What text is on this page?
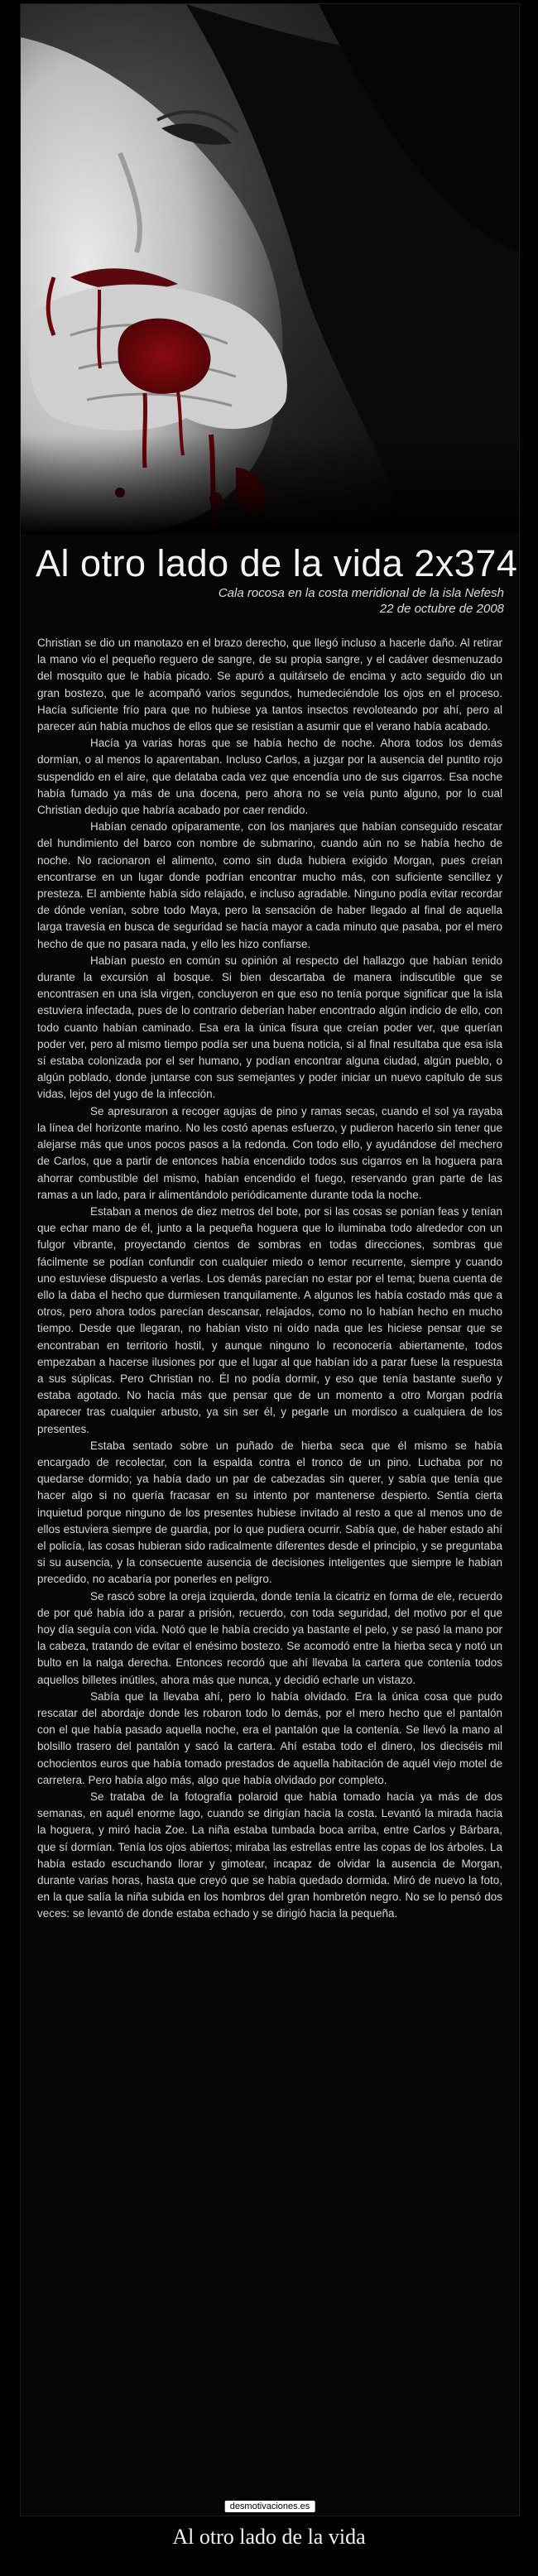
Al otro lado de la vida 2x374
Cala rocosa en la costa meridional de la isla Nefesh
22 de octubre de 2008

Christian se dio un manotazo en el brazo derecho, que llegó incluso a hacerle daño. Al retirar la mano vio el pequeño reguero de sangre, de su propia sangre, y el cadáver desmenuzado del mosquito que le había picado. Se apuró a quitárselo de encima y acto seguido dio un gran bostezo, que le acompañó varios segundos, humedeciéndole los ojos en el proceso. Hacía suficiente frío para que no hubiese ya tantos insectos revoloteando por ahí, pero al parecer aún había muchos de ellos que se resistían a asumir que el verano había acabado.

Hacía ya varias horas que se había hecho de noche. Ahora todos los demás dormían, o al menos lo aparentaban. Incluso Carlos, a juzgar por la ausencia del puntito rojo suspendido en el aire, que delataba cada vez que encendía uno de sus cigarros. Esa noche había fumado ya más de una docena, pero ahora no se veía punto alguno, por lo cual Christian dedujo que habría acabado por caer rendido.

Habían cenado opíparamente, con los manjares que habían conseguido rescatar del hundimiento del barco con nombre de submarino, cuando aún no se había hecho de noche. No racionaron el alimento, como sin duda hubiera exigido Morgan, pues creían encontrarse en un lugar donde podrían encontrar mucho más, con suficiente sencillez y presteza. El ambiente había sido relajado, e incluso agradable. Ninguno podía evitar recordar de dónde venían, sobre todo Maya, pero la sensación de haber llegado al final de aquella larga travesía en busca de seguridad se hacía mayor a cada minuto que pasaba, por el mero hecho de que no pasara nada, y ello les hizo confiarse.

Habían puesto en común su opinión al respecto del hallazgo que habían tenido durante la excursión al bosque. Si bien descartaba de manera indiscutible que se encontrasen en una isla virgen, concluyeron en que eso no tenía porque significar que la isla estuviera infectada, pues de lo contrario deberían haber encontrado algún indicio de ello, con todo cuanto habían caminado. Esa era la única fisura que creían poder ver, que querían poder ver, pero al mismo tiempo podía ser una buena noticia, si al final resultaba que esa isla sí estaba colonizada por el ser humano, y podían encontrar alguna ciudad, algún pueblo, o algún poblado, donde juntarse con sus semejantes y poder iniciar un nuevo capítulo de sus vidas, lejos del yugo de la infección.

Se apresuraron a recoger agujas de pino y ramas secas, cuando el sol ya rayaba la línea del horizonte marino. No les costó apenas esfuerzo, y pudieron hacerlo sin tener que alejarse más que unos pocos pasos a la redonda. Con todo ello, y ayudándose del mechero de Carlos, que a partir de entonces había encendido todos sus cigarros en la hoguera para ahorrar combustible del mismo, habían encendido el fuego, reservando gran parte de las ramas a un lado, para ir alimentándolo periódicamente durante toda la noche.

Estaban a menos de diez metros del bote, por si las cosas se ponían feas y tenían que echar mano de él, junto a la pequeña hoguera que lo iluminaba todo alrededor con un fulgor vibrante, proyectando cientos de sombras en todas direcciones, sombras que fácilmente se podían confundir con cualquier miedo o temor recurrente, siempre y cuando uno estuviese dispuesto a verlas. Los demás parecían no estar por el tema; buena cuenta de ello la daba el hecho que durmiesen tranquilamente. A algunos les había costado más que a otros, pero ahora todos parecían descansar, relajados, como no lo habían hecho en mucho tiempo. Desde que llegaran, no habían visto ni oído nada que les hiciese pensar que se encontraban en territorio hostil, y aunque ninguno lo reconocería abiertamente, todos empezaban a hacerse ilusiones por que el lugar al que habían ido a parar fuese la respuesta a sus súplicas. Pero Christian no. Él no podía dormir, y eso que tenía bastante sueño y estaba agotado. No hacía más que pensar que de un momento a otro Morgan podría aparecer tras cualquier arbusto, ya sin ser él, y pegarle un mordisco a cualquiera de los presentes.

Estaba sentado sobre un puñado de hierba seca que él mismo se había encargado de recolectar, con la espalda contra el tronco de un pino. Luchaba por no quedarse dormido; ya había dado un par de cabezadas sin querer, y sabía que tenía que hacer algo si no quería fracasar en su intento por mantenerse despierto. Sentía cierta inquietud porque ninguno de los presentes hubiese invitado al resto a que al menos uno de ellos estuviera siempre de guardia, por lo que pudiera ocurrir. Sabía que, de haber estado ahí el policía, las cosas hubieran sido radicalmente diferentes desde el principio, y se preguntaba si su ausencia, y la consecuente ausencia de decisiones inteligentes que siempre le habían precedido, no acabaría por ponerles en peligro.

Se rascó sobre la oreja izquierda, donde tenía la cicatriz en forma de ele, recuerdo de por qué había ido a parar a prisión, recuerdo, con toda seguridad, del motivo por el que hoy día seguía con vida. Notó que le había crecido ya bastante el pelo, y se pasó la mano por la cabeza, tratando de evitar el enésimo bostezo. Se acomodó entre la hierba seca y notó un bulto en la nalga derecha. Entonces recordó que ahí llevaba la cartera que contenía todos aquellos billetes inútiles, ahora más que nunca, y decidió echarle un vistazo.

Sabía que la llevaba ahí, pero lo había olvidado. Era la única cosa que pudo rescatar del abordaje donde les robaron todo lo demás, por el mero hecho que el pantalón con el que había pasado aquella noche, era el pantalón que la contenía. Se llevó la mano al bolsillo trasero del pantalón y sacó la cartera. Ahí estaba todo el dinero, los dieciséis mil ochocientos euros que había tomado prestados de aquella habitación de aquél viejo motel de carretera. Pero había algo más, algo que había olvidado por completo.

Se trataba de la fotografía polaroid que había tomado hacía ya más de dos semanas, en aquél enorme lago, cuando se dirigían hacia la costa. Levantó la mirada hacia la hoguera, y miró hacia Zoe. La niña estaba tumbada boca arriba, entre Carlos y Bárbara, que sí dormían. Tenía los ojos abiertos; miraba las estrellas entre las copas de los árboles. La había estado escuchando llorar y gimotear, incapaz de olvidar la ausencia de Morgan, durante varias horas, hasta que creyó que se había quedado dormida. Miró de nuevo la foto, en la que salía la niña subida en los hombros del gran hombretón negro. No se lo pensó dos veces: se levantó de donde estaba echado y se dirigió hacia la pequeña.

desmotivaciones.es
Al otro lado de la vida
